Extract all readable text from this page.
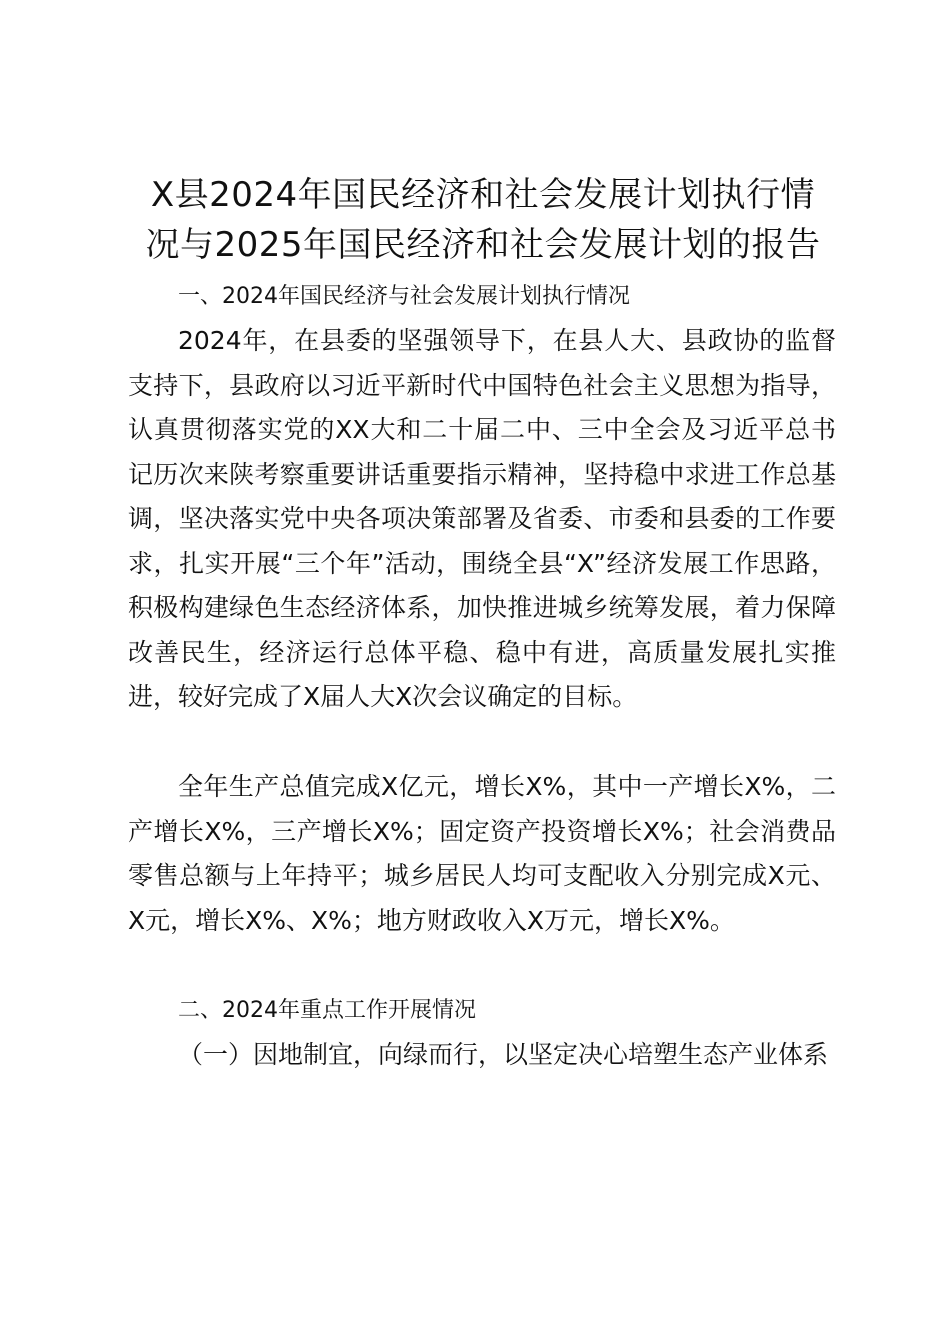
X县2024年国民经济和社会发展计划执行情
况与2025年国民经济和社会发展计划的报告

一、2024年国民经济与社会发展计划执行情况

2024年，在县委的坚强领导下，在县人大、县政协的监督支持下，县政府以习近平新时代中国特色社会主义思想为指导，认真贯彻落实党的XX大和二十届二中、三中全会及习近平总书记历次来陕考察重要讲话重要指示精神，坚持稳中求进工作总基调，坚决落实党中央各项决策部署及省委、市委和县委的工作要求，扎实开展“三个年”活动，围绕全县“X”经济发展工作思路，积极构建绿色生态经济体系，加快推进城乡统筹发展，着力保障改善民生，经济运行总体平稳、稳中有进，高质量发展扎实推进，较好完成了X届人大X次会议确定的目标。

全年生产总值完成X亿元，增长X%，其中一产增长X%，二产增长X%，三产增长X%；固定资产投资增长X%；社会消费品零售总额与上年持平；城乡居民人均可支配收入分别完成X元、X元，增长X%、X%；地方财政收入X万元，增长X%。

二、2024年重点工作开展情况

（一）因地制宜，向绿而行，以坚定决心培塑生态产业体系
